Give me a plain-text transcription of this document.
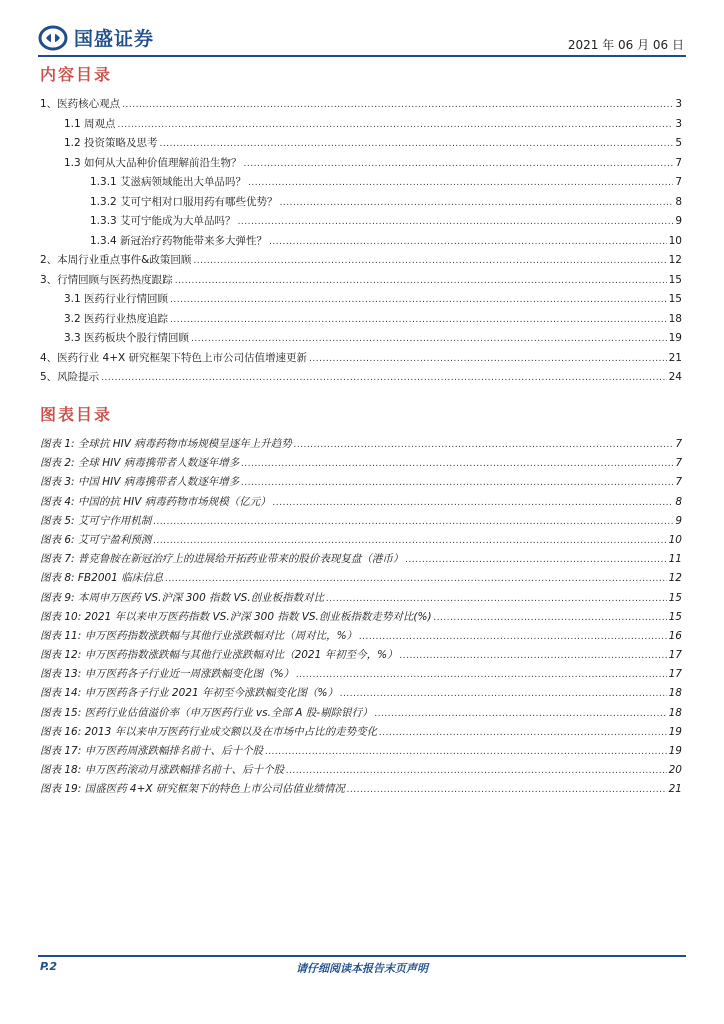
国盛证券	2021 年 06 月 06 日
内容目录
1、医药核心观点 .....	3
1.1 周观点 .....	3
1.2 投资策略及思考 .....	5
1.3 如何从大品种价值理解前沿生物？ .....	7
1.3.1 艾滋病领域能出大单品吗？ .....	7
1.3.2 艾可宁相对口服用药有哪些优势？ .....	8
1.3.3 艾可宁能成为大单品吗？ .....	9
1.3.4 新冠治疗药物能带来多大弹性？ .....	10
2、本周行业重点事件&政策回顾 .....	12
3、行情回顾与医药热度跟踪 .....	15
3.1 医药行业行情回顾 .....	15
3.2 医药行业热度追踪 .....	18
3.3 医药板块个股行情回顾 .....	19
4、医药行业 4+X 研究框架下特色上市公司估值增速更新 .....	21
5、风险提示 .....	24
图表目录
图表 1: 全球抗 HIV 病毒药物市场规模呈逐年上升趋势 .....	7
图表 2: 全球 HIV 病毒携带者人数逐年增多 .....	7
图表 3: 中国 HIV 病毒携带者人数逐年增多 .....	7
图表 4: 中国的抗 HIV 病毒药物市场规模（亿元） .....	8
图表 5: 艾可宁作用机制 .....	9
图表 6: 艾可宁盈利预测 .....	10
图表 7: 普克鲁胺在新冠治疗上的进展给开拓药业带来的股价表现复盘（港币） .....	11
图表 8: FB2001 临床信息 .....	12
图表 9: 本周申万医药 VS.沪深 300 指数 VS.创业板指数对比 .....	15
图表 10: 2021 年以来申万医药指数 VS.沪深 300 指数 VS.创业板指数走势对比(%) .....	15
图表 11: 申万医药指数涨跌幅与其他行业涨跌幅对比（周对比，%） .....	16
图表 12: 申万医药指数涨跌幅与其他行业涨跌幅对比（2021 年初至今，%） .....	17
图表 13: 申万医药各子行业近一周涨跌幅变化图（%） .....	17
图表 14: 申万医药各子行业 2021 年初至今涨跌幅变化图（%） .....	18
图表 15: 医药行业估值溢价率（申万医药行业 vs.全部 A 股-剔除银行） .....	18
图表 16: 2013 年以来申万医药行业成交额以及在市场中占比的走势变化 .....	19
图表 17: 申万医药周涨跌幅排名前十、后十个股 .....	19
图表 18: 申万医药滚动月涨跌幅排名前十、后十个股 .....	20
图表 19: 国盛医药 4+X 研究框架下的特色上市公司估值业绩情况 .....	21
P.2	请仔细阅读本报告末页声明
